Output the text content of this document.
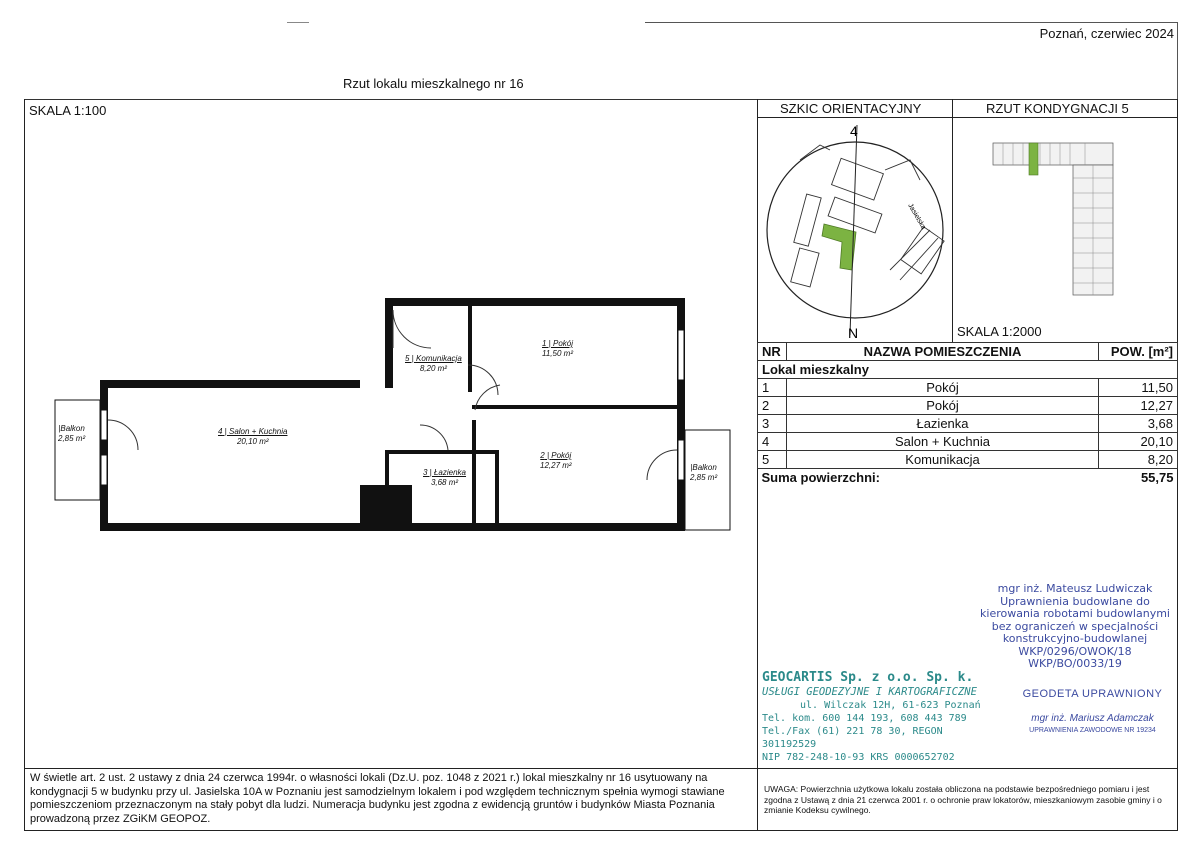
Poznań, czerwiec 2024
Rzut lokalu mieszkalnego nr 16
SKALA 1:100
|Balkon
2,85 m²
4 | Salon + Kuchnia
20,10 m²
5 | Komunikacja
8,20 m²
1 | Pokój
11,50 m²
2 | Pokój
12,27 m²
3 | Łazienka
3,68 m²
|Balkon
2,85 m²
SZKIC ORIENTACYJNY	RZUT KONDYGNACJI 5
Jasielska
4
N	SKALA 1:2000
NR	NAZWA POMIESZCZENIA	POW. [m²]
Lokal mieszkalny		
1	Pokój	11,50
2	Pokój	12,27
3	Łazienka	3,68
4	Salon + Kuchnia	20,10
5	Komunikacja	8,20
Suma powierzchni:		55,75
mgr inż. Mateusz Ludwiczak
Uprawnienia budowlane do
kierowania robotami budowlanymi
bez ograniczeń w specjalności
konstrukcyjno-budowlanej
WKP/0296/OWOK/18
WKP/BO/0033/19
GEOCARTIS Sp. z o.o. Sp. k.
USŁUGI GEODEZYJNE I KARTOGRAFICZNE
ul. Wilczak 12H, 61-623 Poznań
Tel. kom. 600 144 193, 608 443 789
Tel./Fax (61) 221 78 30, REGON 301192529
NIP 782-248-10-93 KRS 0000652702
GEODETA UPRAWNIONY
mgr inż. Mariusz Adamczak
UPRAWNIENIA ZAWODOWE NR 19234
W świetle art. 2 ust. 2 ustawy z dnia 24 czerwca 1994r. o własności lokali (Dz.U. poz. 1048 z 2021 r.) lokal mieszkalny nr 16 usytuowany na kondygnacji 5 w budynku przy ul. Jasielska 10A w Poznaniu jest samodzielnym lokalem i pod względem technicznym spełnia wymogi stawiane pomieszczeniom przeznaczonym na stały pobyt dla ludzi. Numeracja budynku jest zgodna z ewidencją gruntów i budynków Miasta Poznania prowadzoną przez ZGiKM GEOPOZ.
UWAGA: Powierzchnia użytkowa lokalu została obliczona na podstawie bezpośredniego pomiaru i jest zgodna z Ustawą z dnia 21 czerwca 2001 r. o ochronie praw lokatorów, mieszkaniowym zasobie gminy i o zmianie Kodeksu cywilnego.
